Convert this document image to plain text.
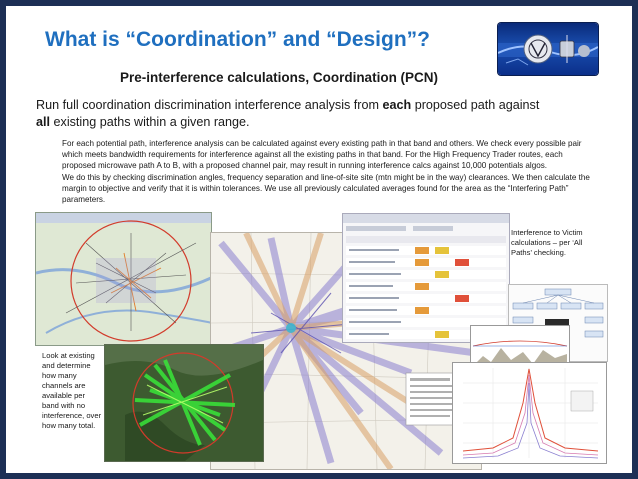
What is “Coordination” and “Design”?
Pre-interference calculations, Coordination (PCN)
Run full coordination discrimination interference analysis from each proposed path against
all existing paths within a given range.
For each potential path, interference analysis can be calculated against every existing path in that band and others. We check every possible pair which meets bandwidth requirements for interference against all the existing paths in that band. For the High Frequency Trader routes, each proposed microwave path A to B, with a proposed channel pair, may result in running interference calcs against 10,000 potentials algos.
We do this by checking discrimination angles, frequency separation and line-of-site site (mtn might be in the way) clearances. We then calculate the margin to objective and verify that it is within tolerances. We use all previously calculated averages found for the area as the “Interfering Path” parameters.
Interference to Victim calculations – per ‘All Paths’ checking.
Look at existing and determine how many channels are available per band with no interference, over how many total.
